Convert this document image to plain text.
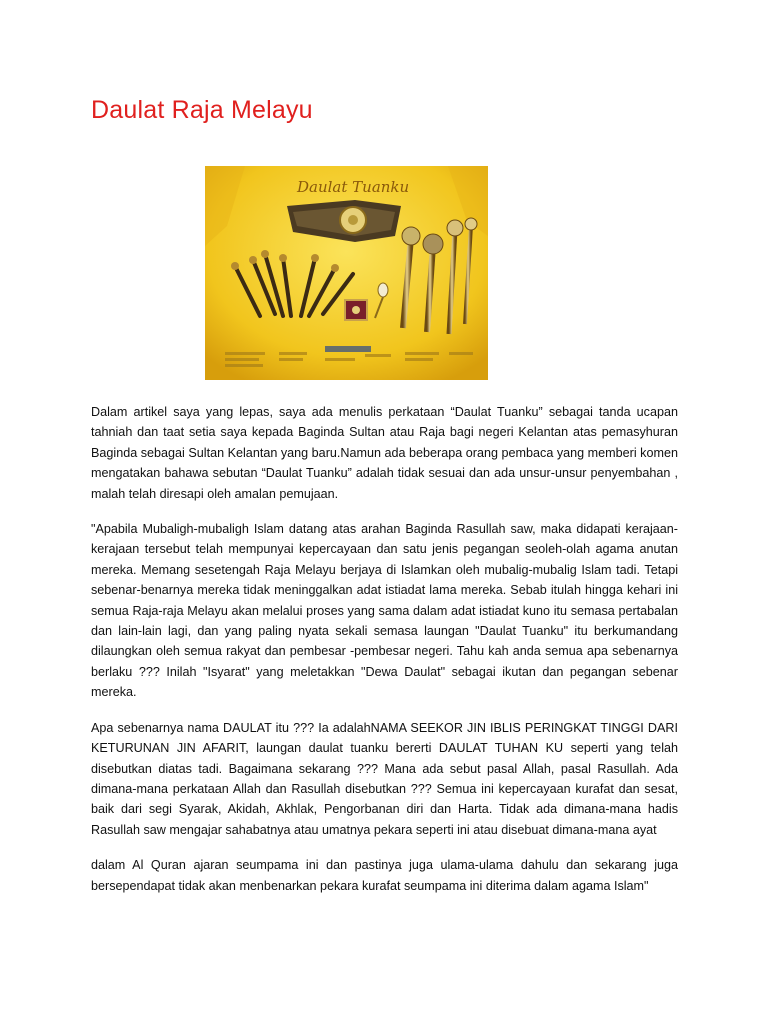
Daulat Raja Melayu
Daulat Tuanku

Dalam artikel saya yang lepas, saya ada menulis perkataan “Daulat Tuanku” sebagai tanda ucapan tahniah dan taat setia saya kepada Baginda Sultan atau Raja bagi negeri Kelantan atas pemasyhuran Baginda sebagai Sultan Kelantan yang baru.Namun ada beberapa orang pembaca yang memberi komen mengatakan bahawa sebutan “Daulat Tuanku” adalah tidak sesuai dan ada unsur-unsur penyembahan , malah telah diresapi oleh amalan pemujaan.

"Apabila Mubaligh-mubaligh Islam datang atas arahan Baginda Rasullah saw, maka didapati kerajaan-kerajaan tersebut telah mempunyai kepercayaan dan satu jenis pegangan seoleh-olah agama anutan mereka. Memang sesetengah Raja Melayu berjaya di Islamkan oleh mubalig-mubalig Islam tadi. Tetapi sebenar-benarnya mereka tidak meninggalkan adat istiadat lama mereka. Sebab itulah hingga kehari ini semua Raja-raja Melayu akan melalui proses yang sama dalam adat istiadat kuno itu semasa pertabalan dan lain-lain lagi, dan yang paling nyata sekali semasa laungan "Daulat Tuanku" itu berkumandang dilaungkan oleh semua rakyat dan pembesar -pembesar negeri. Tahu kah anda semua apa sebenarnya berlaku ??? Inilah "Isyarat" yang meletakkan "Dewa Daulat" sebagai ikutan dan pegangan sebenar mereka.

Apa sebenarnya nama DAULAT itu ??? Ia adalahNAMA SEEKOR JIN IBLIS PERINGKAT TINGGI DARI KETURUNAN JIN AFARIT, laungan daulat tuanku bererti DAULAT TUHAN KU seperti yang telah disebutkan diatas tadi. Bagaimana sekarang ??? Mana ada sebut pasal Allah, pasal Rasullah. Ada dimana-mana perkataan Allah dan Rasullah disebutkan ??? Semua ini kepercayaan kurafat dan sesat, baik dari segi Syarak, Akidah, Akhlak, Pengorbanan diri dan Harta. Tidak ada dimana-mana hadis Rasullah saw mengajar sahabatnya atau umatnya pekara seperti ini atau disebuat dimana-mana ayat

dalam Al Quran ajaran seumpama ini dan pastinya juga ulama-ulama dahulu dan sekarang juga bersependapat tidak akan menbenarkan pekara kurafat seumpama ini diterima dalam agama Islam"
